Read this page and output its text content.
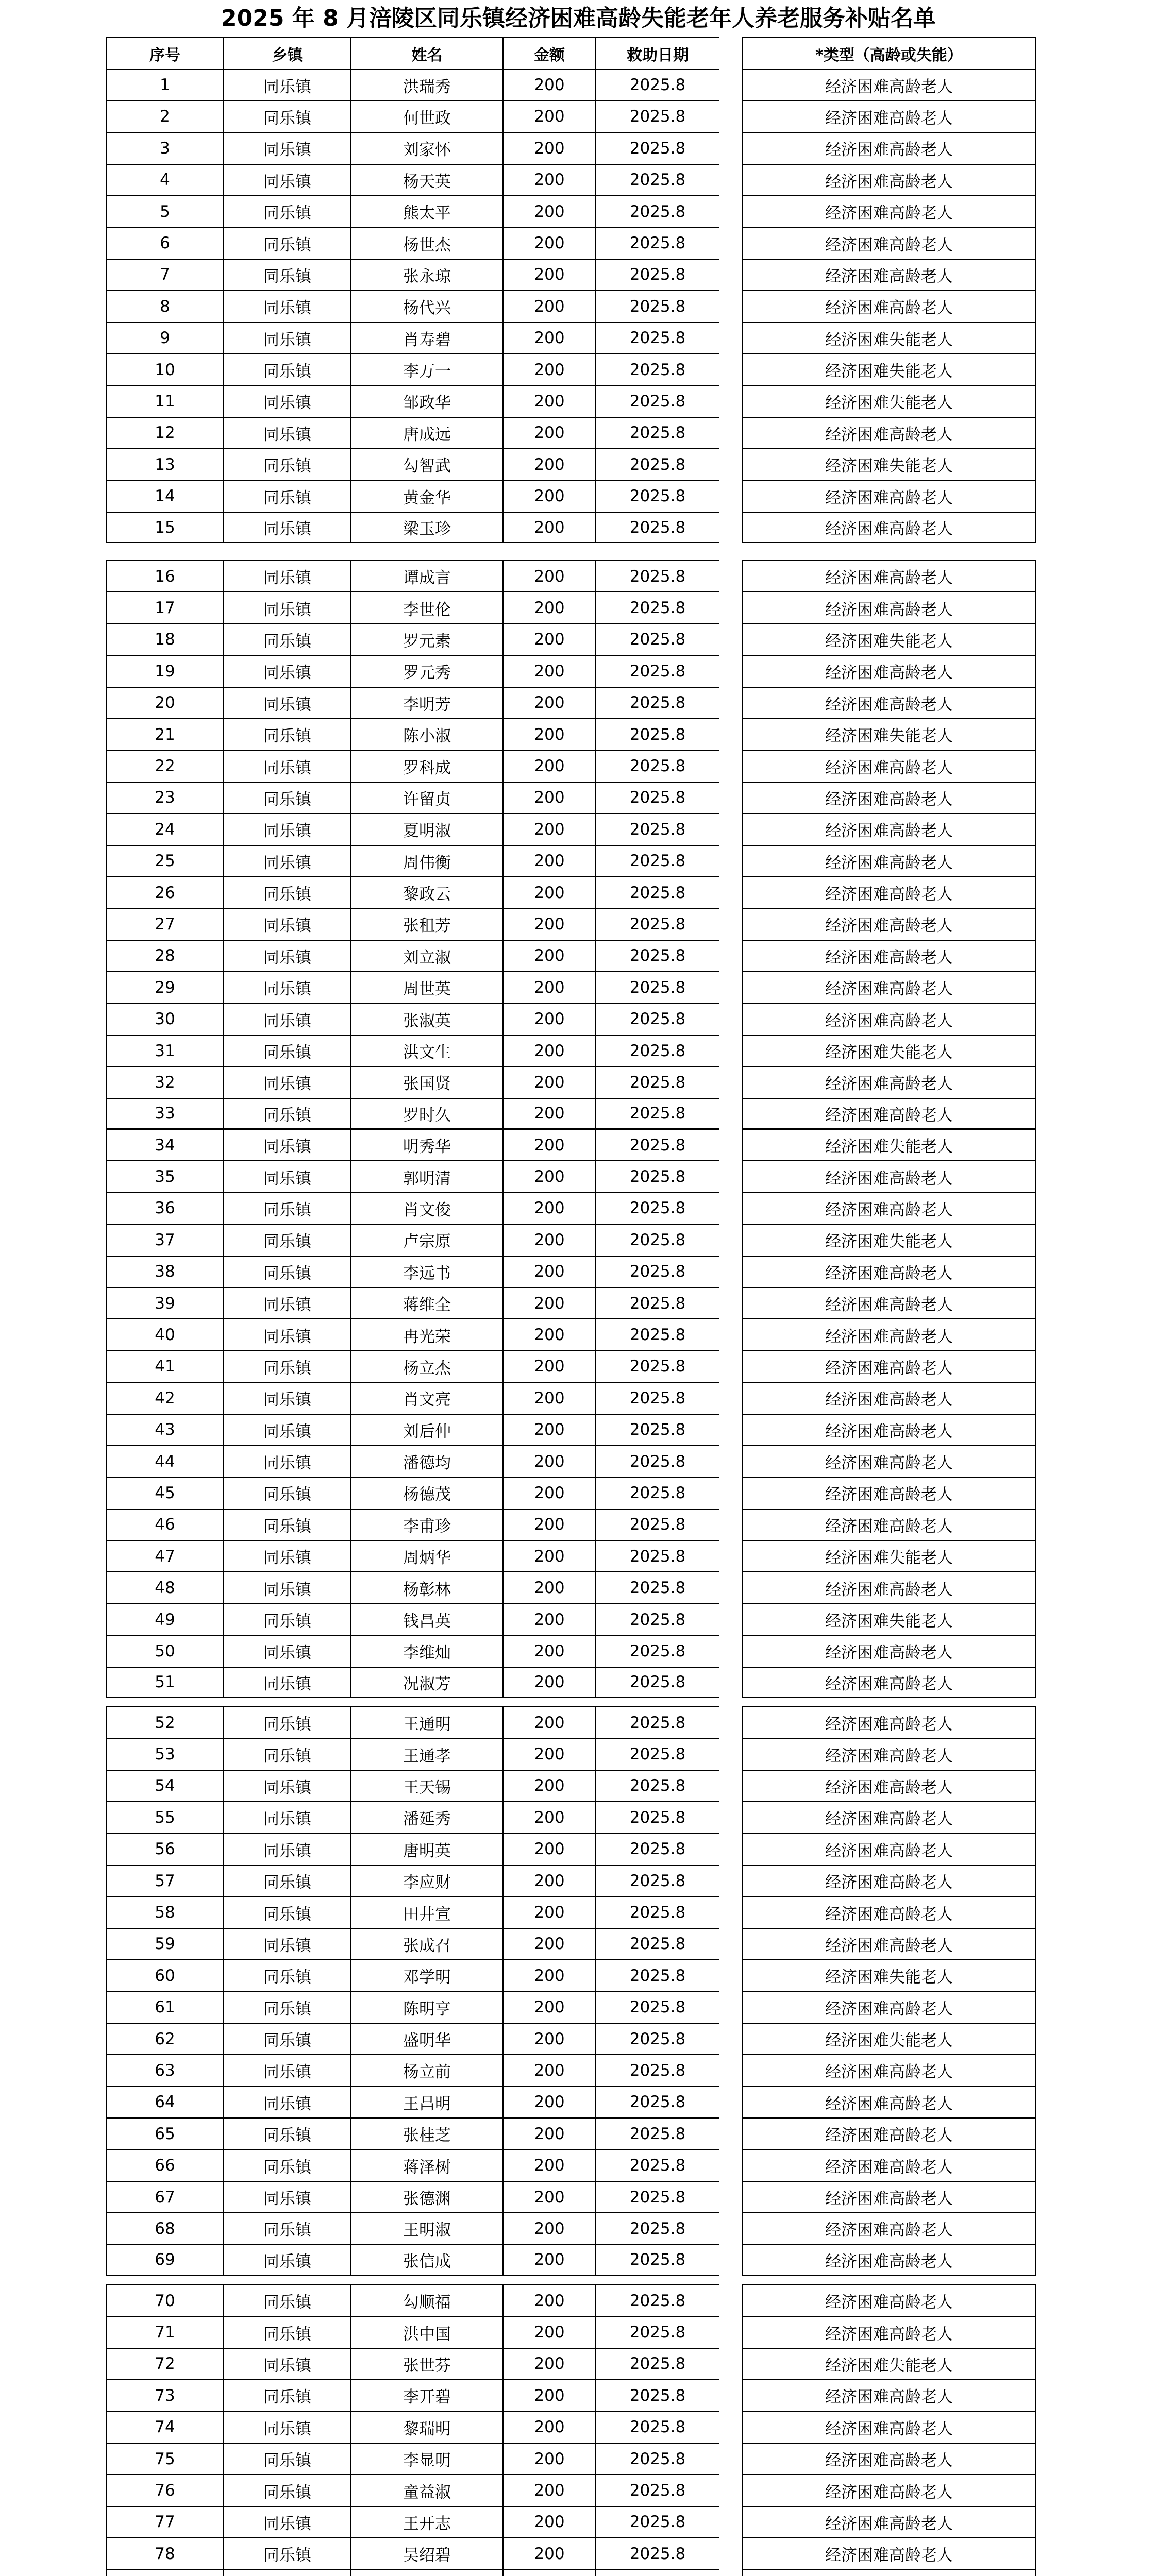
2025 年 8 月涪陵区同乐镇经济困难高龄失能老年人养老服务补贴名单
序号	乡镇	姓名	金额	救助日期	*类型（高龄或失能）
1	同乐镇	洪瑞秀	200	2025.8	经济困难高龄老人
2	同乐镇	何世政	200	2025.8	经济困难高龄老人
3	同乐镇	刘家怀	200	2025.8	经济困难高龄老人
4	同乐镇	杨天英	200	2025.8	经济困难高龄老人
5	同乐镇	熊太平	200	2025.8	经济困难高龄老人
6	同乐镇	杨世杰	200	2025.8	经济困难高龄老人
7	同乐镇	张永琼	200	2025.8	经济困难高龄老人
8	同乐镇	杨代兴	200	2025.8	经济困难高龄老人
9	同乐镇	肖寿碧	200	2025.8	经济困难失能老人
10	同乐镇	李万一	200	2025.8	经济困难失能老人
11	同乐镇	邹政华	200	2025.8	经济困难失能老人
12	同乐镇	唐成远	200	2025.8	经济困难高龄老人
13	同乐镇	勾智武	200	2025.8	经济困难失能老人
14	同乐镇	黄金华	200	2025.8	经济困难高龄老人
15	同乐镇	梁玉珍	200	2025.8	经济困难高龄老人
16	同乐镇	谭成言	200	2025.8	经济困难高龄老人
17	同乐镇	李世伦	200	2025.8	经济困难高龄老人
18	同乐镇	罗元素	200	2025.8	经济困难失能老人
19	同乐镇	罗元秀	200	2025.8	经济困难高龄老人
20	同乐镇	李明芳	200	2025.8	经济困难高龄老人
21	同乐镇	陈小淑	200	2025.8	经济困难失能老人
22	同乐镇	罗科成	200	2025.8	经济困难高龄老人
23	同乐镇	许留贞	200	2025.8	经济困难高龄老人
24	同乐镇	夏明淑	200	2025.8	经济困难高龄老人
25	同乐镇	周伟衡	200	2025.8	经济困难高龄老人
26	同乐镇	黎政云	200	2025.8	经济困难高龄老人
27	同乐镇	张租芳	200	2025.8	经济困难高龄老人
28	同乐镇	刘立淑	200	2025.8	经济困难高龄老人
29	同乐镇	周世英	200	2025.8	经济困难高龄老人
30	同乐镇	张淑英	200	2025.8	经济困难高龄老人
31	同乐镇	洪文生	200	2025.8	经济困难失能老人
32	同乐镇	张国贤	200	2025.8	经济困难高龄老人
33	同乐镇	罗时久	200	2025.8	经济困难高龄老人
34	同乐镇	明秀华	200	2025.8	经济困难失能老人
35	同乐镇	郭明清	200	2025.8	经济困难高龄老人
36	同乐镇	肖文俊	200	2025.8	经济困难高龄老人
37	同乐镇	卢宗原	200	2025.8	经济困难失能老人
38	同乐镇	李远书	200	2025.8	经济困难高龄老人
39	同乐镇	蒋维全	200	2025.8	经济困难高龄老人
40	同乐镇	冉光荣	200	2025.8	经济困难高龄老人
41	同乐镇	杨立杰	200	2025.8	经济困难高龄老人
42	同乐镇	肖文亮	200	2025.8	经济困难高龄老人
43	同乐镇	刘后仲	200	2025.8	经济困难高龄老人
44	同乐镇	潘德均	200	2025.8	经济困难高龄老人
45	同乐镇	杨德茂	200	2025.8	经济困难高龄老人
46	同乐镇	李甫珍	200	2025.8	经济困难高龄老人
47	同乐镇	周炳华	200	2025.8	经济困难失能老人
48	同乐镇	杨彰林	200	2025.8	经济困难高龄老人
49	同乐镇	钱昌英	200	2025.8	经济困难失能老人
50	同乐镇	李维灿	200	2025.8	经济困难高龄老人
51	同乐镇	况淑芳	200	2025.8	经济困难高龄老人
52	同乐镇	王通明	200	2025.8	经济困难高龄老人
53	同乐镇	王通孝	200	2025.8	经济困难高龄老人
54	同乐镇	王天锡	200	2025.8	经济困难高龄老人
55	同乐镇	潘延秀	200	2025.8	经济困难高龄老人
56	同乐镇	唐明英	200	2025.8	经济困难高龄老人
57	同乐镇	李应财	200	2025.8	经济困难高龄老人
58	同乐镇	田井宣	200	2025.8	经济困难高龄老人
59	同乐镇	张成召	200	2025.8	经济困难高龄老人
60	同乐镇	邓学明	200	2025.8	经济困难失能老人
61	同乐镇	陈明亨	200	2025.8	经济困难高龄老人
62	同乐镇	盛明华	200	2025.8	经济困难失能老人
63	同乐镇	杨立前	200	2025.8	经济困难高龄老人
64	同乐镇	王昌明	200	2025.8	经济困难高龄老人
65	同乐镇	张桂芝	200	2025.8	经济困难高龄老人
66	同乐镇	蒋泽树	200	2025.8	经济困难高龄老人
67	同乐镇	张德渊	200	2025.8	经济困难高龄老人
68	同乐镇	王明淑	200	2025.8	经济困难高龄老人
69	同乐镇	张信成	200	2025.8	经济困难高龄老人
70	同乐镇	勾顺福	200	2025.8	经济困难高龄老人
71	同乐镇	洪中国	200	2025.8	经济困难高龄老人
72	同乐镇	张世芬	200	2025.8	经济困难失能老人
73	同乐镇	李开碧	200	2025.8	经济困难高龄老人
74	同乐镇	黎瑞明	200	2025.8	经济困难高龄老人
75	同乐镇	李显明	200	2025.8	经济困难高龄老人
76	同乐镇	童益淑	200	2025.8	经济困难高龄老人
77	同乐镇	王开志	200	2025.8	经济困难高龄老人
78	同乐镇	吴绍碧	200	2025.8	经济困难高龄老人
